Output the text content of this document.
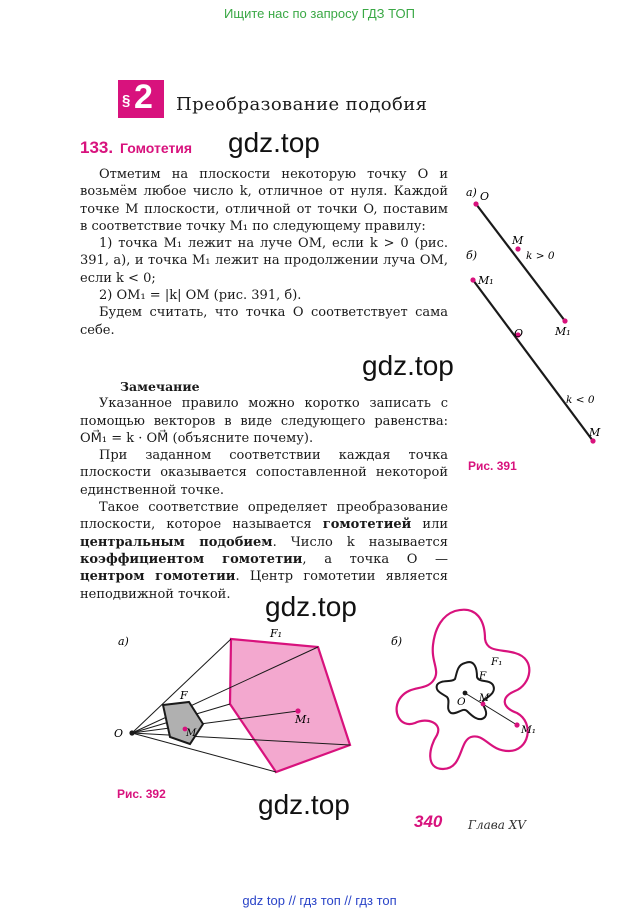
Ищите нас по запросу ГДЗ ТОП
§ 2 Преобразование подобия
133. Гомотетия gdz.top
gdz.top
gdz.top
gdz.top

Отметим на плоскости некоторую точку O и возьмём любое число k, отличное от нуля. Каждой точке M плоскости, отличной от точки O, поставим в соответствие точку M₁ по следующему правилу:

1) точка M₁ лежит на луче OM, если k > 0 (рис. 391, а), и точка M₁ лежит на продолжении луча OM, если k < 0;

2) OM₁ = |k| OM (рис. 391, б).

Будем считать, что точка O соответствует сама себе.

Замечание

Указанное правило можно коротко записать с помощью векторов в виде следующего равенства: OM⃗₁ = k · OM⃗ (объясните почему).

При заданном соответствии каждая точка плоскости оказывается сопоставленной некоторой единственной точке.

Такое соответствие определяет преобразование плоскости, которое называется гомотетией или центральным подобием. Число k называется коэффициентом гомотетии, а точка O — центром гомотетии. Центр гомотетии является неподвижной точкой.

а) O
M
k > 0
M₁
б)
M₁
O
k < 0
M
Рис. 391
а)
O
F
M
F₁
M₁
Рис. 392
б)
O
F
M
F₁
M₁
340 Глава XV
gdz top // гдз топ // гдз топ
